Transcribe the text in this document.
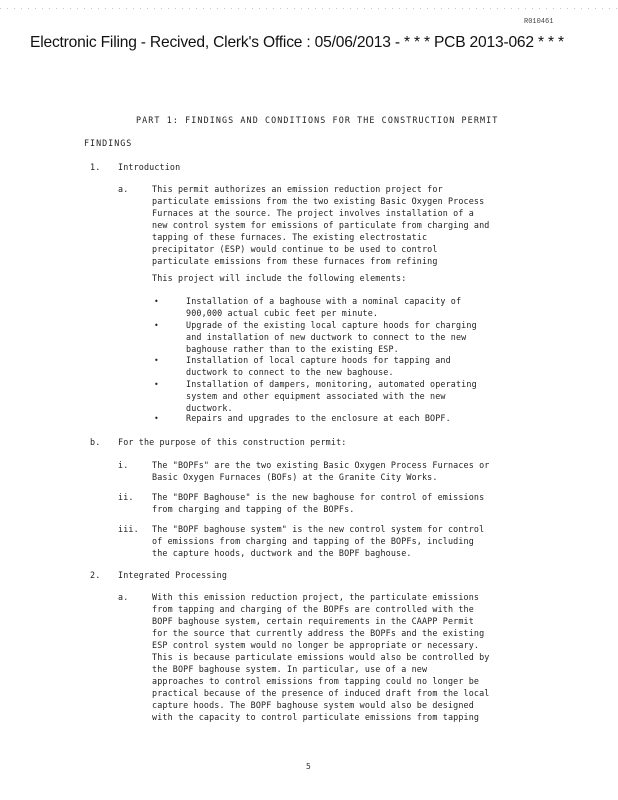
R010461
Electronic Filing - Recived, Clerk's Office : 05/06/2013 - * * * PCB 2013-062 * * *
PART 1: FINDINGS AND CONDITIONS FOR THE CONSTRUCTION PERMIT
FINDINGS
1. Introduction
a.	This permit authorizes an emission reduction project for
particulate emissions from the two existing Basic Oxygen Process
Furnaces at the source. The project involves installation of a
new control system for emissions of particulate from charging and
tapping of these furnaces. The existing electrostatic
precipitator (ESP) would continue to be used to control
particulate emissions from these furnaces from refining
This project will include the following elements:
•	Installation of a baghouse with a nominal capacity of
900,000 actual cubic feet per minute.
•	Upgrade of the existing local capture hoods for charging
and installation of new ductwork to connect to the new
baghouse rather than to the existing ESP.
•	Installation of local capture hoods for tapping and
ductwork to connect to the new baghouse.
•	Installation of dampers, monitoring, automated operating
system and other equipment associated with the new
ductwork.
•	Repairs and upgrades to the enclosure at each BOPF.
b. For the purpose of this construction permit:
i.	The "BOPFs" are the two existing Basic Oxygen Process Furnaces or
Basic Oxygen Furnaces (BOFs) at the Granite City Works.
ii. The "BOPF Baghouse" is the new baghouse for control of emissions
from charging and tapping of the BOPFs.
iii. The "BOPF baghouse system" is the new control system for control
of emissions from charging and tapping of the BOPFs, including
the capture hoods, ductwork and the BOPF baghouse.
2. Integrated Processing
a.	With this emission reduction project, the particulate emissions
from tapping and charging of the BOPFs are controlled with the
BOPF baghouse system, certain requirements in the CAAPP Permit
for the source that currently address the BOPFs and the existing
ESP control system would no longer be appropriate or necessary.
This is because particulate emissions would also be controlled by
the BOPF baghouse system. In particular, use of a new
approaches to control emissions from tapping could no longer be
practical because of the presence of induced draft from the local
capture hoods. The BOPF baghouse system would also be designed
with the capacity to control particulate emissions from tapping
5
